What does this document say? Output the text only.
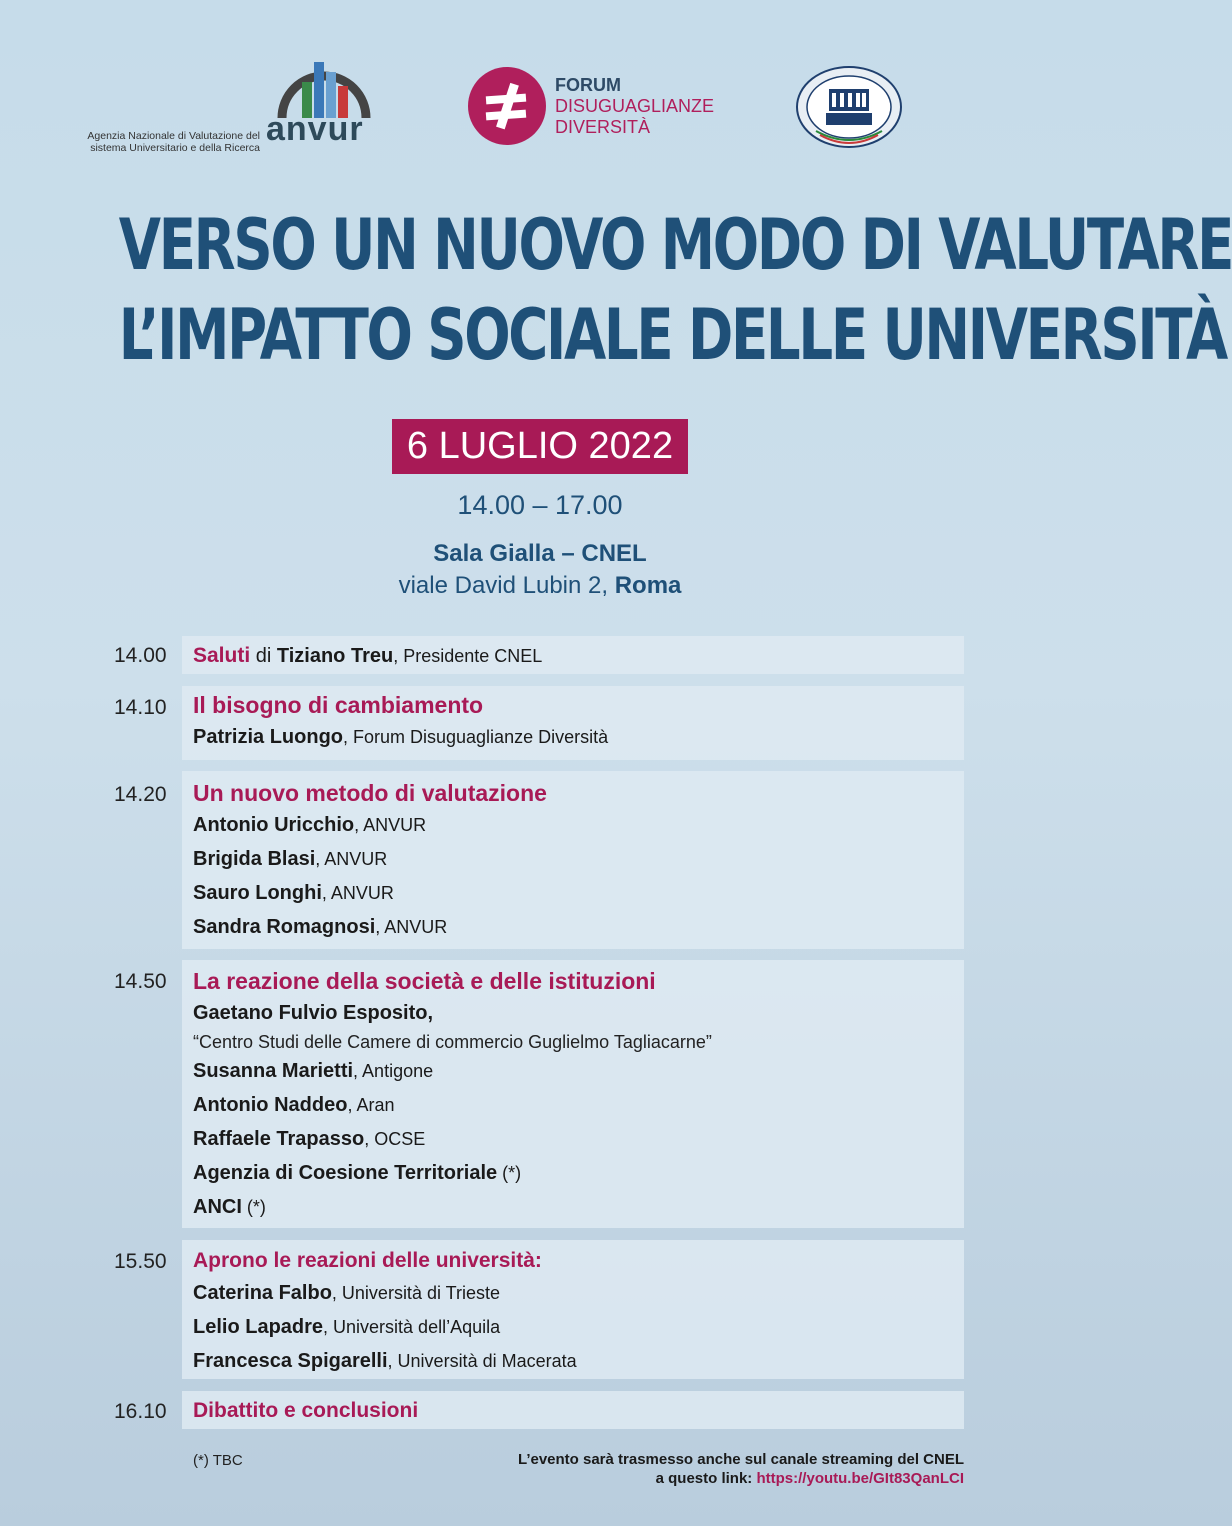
Agenzia Nazionale di Valutazione del
sistema Universitario e della Ricerca anvur
FORUM
DISUGUAGLIANZE
DIVERSITÀ
VERSO UN NUOVO MODO DI VALUTARE
L’IMPATTO SOCIALE DELLE UNIVERSITÀ
6 LUGLIO 2022
14.00 – 17.00
Sala Gialla – CNEL
viale David Lubin 2, Roma
14.00	Saluti di Tiziano Treu, Presidente CNEL
14.10 Il bisogno di cambiamento
Patrizia Luongo, Forum Disuguaglianze Diversità
14.20 Un nuovo metodo di valutazione
Antonio Uricchio, ANVUR
Brigida Blasi, ANVUR
Sauro Longhi, ANVUR
Sandra Romagnosi, ANVUR
14.50 La reazione della società e delle istituzioni
Gaetano Fulvio Esposito,
“Centro Studi delle Camere di commercio Guglielmo Tagliacarne”
Susanna Marietti, Antigone
Antonio Naddeo, Aran
Raffaele Trapasso, OCSE
Agenzia di Coesione Territoriale (*)
ANCI (*)
15.50 Aprono le reazioni delle università:
Caterina Falbo, Università di Trieste
Lelio Lapadre, Università dell’Aquila
Francesca Spigarelli, Università di Macerata
16.10	Dibattito e conclusioni
(*) TBC	L’evento sarà trasmesso anche sul canale streaming del CNEL
a questo link: https://youtu.be/GIt83QanLCI
